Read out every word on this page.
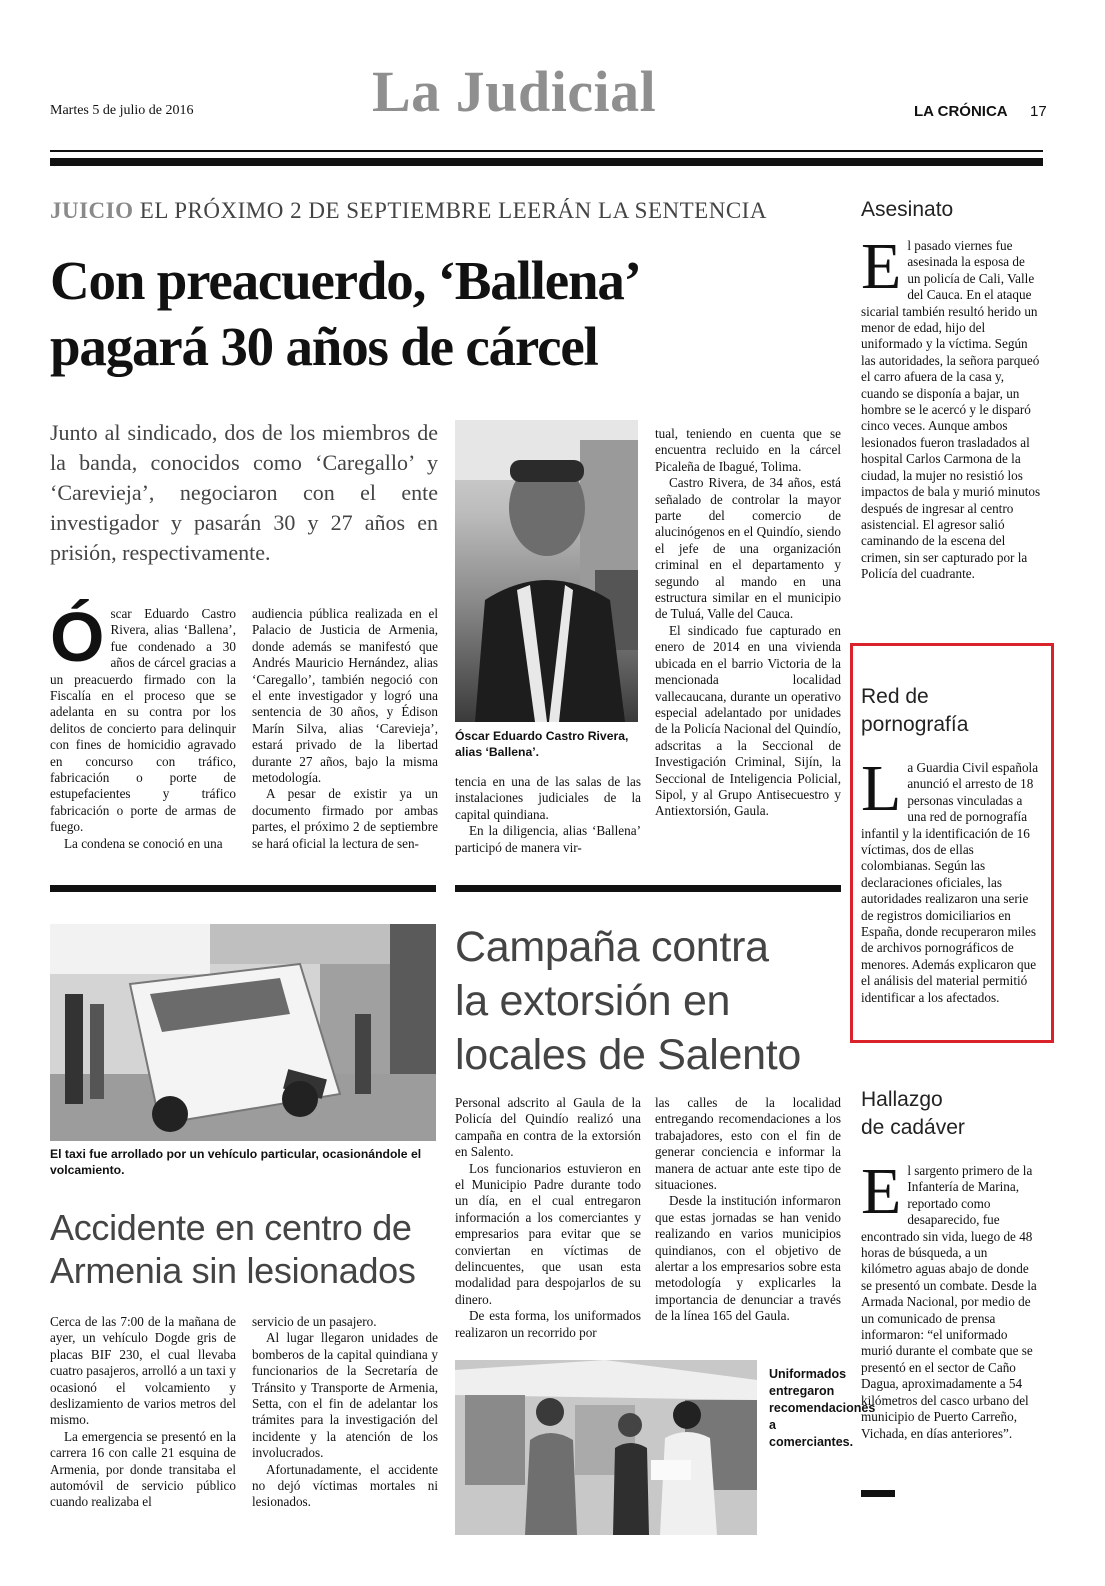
Martes 5 de julio de 2016	La Judicial	LA CRÓNICA 17
JUICIO EL PRÓXIMO 2 DE SEPTIEMBRE LEERÁN LA SENTENCIA
Con preacuerdo, ‘Ballena’
pagará 30 años de cárcel
Junto al sindicado, dos de los miembros de la banda, conocidos como ‘Caregallo’ y ‘Carevieja’, negociaron con el ente investigador y pasarán 30 y 27 años en prisión, respectivamente.
Ó scar Eduardo Castro Rivera, alias ‘Ballena’, fue condenado a 30 años de cárcel gracias a un preacuerdo firmado con la Fiscalía en el proceso que se adelanta en su contra por los delitos de concierto para delinquir con fines de homicidio agravado en concurso con tráfico, fabricación o porte de estupefacientes y tráfico fabricación o porte de armas de fuego.

La condena se conoció en una

audiencia pública realizada en el Palacio de Justicia de Armenia, donde además se manifestó que Andrés Mauricio Hernández, alias ‘Caregallo’, también negoció con el ente investigador y logró una sentencia de 30 años, y Édison Marín Silva, alias ‘Carevieja’, estará privado de la libertad durante 27 años, bajo la misma metodología.

A pesar de existir ya un documento firmado por ambas partes, el próximo 2 de septiembre se hará oficial la lectura de sen-

Óscar Eduardo Castro Rivera, alias ‘Ballena’.

tencia en una de las salas de las instalaciones judiciales de la capital quindiana.

En la diligencia, alias ‘Ballena’ participó de manera vir-

tual, teniendo en cuenta que se encuentra recluido en la cárcel Picaleña de Ibagué, Tolima.

Castro Rivera, de 34 años, está señalado de controlar la mayor parte del comercio de alucinógenos en el Quindío, siendo el jefe de una organización criminal en el departamento y segundo al mando en una estructura similar en el municipio de Tuluá, Valle del Cauca.

El sindicado fue capturado en enero de 2014 en una vivienda ubicada en el barrio Victoria de la mencionada localidad vallecaucana, durante un operativo especial adelantado por unidades de la Policía Nacional del Quindío, adscritas a la Seccional de Investigación Criminal, Sijín, la Seccional de Inteligencia Policial, Sipol, y al Grupo Antisecuestro y Antiextorsión, Gaula.

El taxi fue arrollado por un vehículo particular, ocasionándole el volcamiento.
Accidente en centro de
Armenia sin lesionados

Cerca de las 7:00 de la mañana de ayer, un vehículo Dogde gris de placas BIF 230, el cual llevaba cuatro pasajeros, arrolló a un taxi y ocasionó el volcamiento y deslizamiento de varios metros del mismo.

La emergencia se presentó en la carrera 16 con calle 21 esquina de Armenia, por donde transitaba el automóvil de servicio público cuando realizaba el

servicio de un pasajero.

Al lugar llegaron unidades de bomberos de la capital quindiana y funcionarios de la Secretaría de Tránsito y Transporte de Armenia, Setta, con el fin de adelantar los trámites para la investigación del incidente y la atención de los involucrados.

Afortunadamente, el accidente no dejó víctimas mortales ni lesionados.

Campaña contra
la extorsión en
locales de Salento

Personal adscrito al Gaula de la Policía del Quindío realizó una campaña en contra de la extorsión en Salento.

Los funcionarios estuvieron en el Municipio Padre durante todo un día, en el cual entregaron información a los comerciantes y empresarios para evitar que se conviertan en víctimas de delincuentes, que usan esta modalidad para despojarlos de su dinero.

De esta forma, los uniformados realizaron un recorrido por

las calles de la localidad entregando recomendaciones a los trabajadores, esto con el fin de generar conciencia e informar la manera de actuar ante este tipo de situaciones.

Desde la institución informaron que estas jornadas se han venido realizando en varios municipios quindianos, con el objetivo de alertar a los empresarios sobre esta metodología y explicarles la importancia de denunciar a través de la línea 165 del Gaula.

Uniformados entregaron recomendaciones a comerciantes.
Asesinato
E l pasado viernes fue asesinada la esposa de un policía de Cali, Valle del Cauca. En el ataque sicarial también resultó herido un menor de edad, hijo del uniformado y la víctima. Según las autoridades, la señora parqueó el carro afuera de la casa y, cuando se disponía a bajar, un hombre se le acercó y le disparó cinco veces. Aunque ambos lesionados fueron trasladados al hospital Carlos Carmona de la ciudad, la mujer no resistió los impactos de bala y murió minutos después de ingresar al centro asistencial. El agresor salió caminando de la escena del crimen, sin ser capturado por la Policía del cuadrante.

Red de
pornografía
L a Guardia Civil española anunció el arresto de 18 personas vinculadas a una red de pornografía infantil y la identificación de 16 víctimas, dos de ellas colombianas. Según las declaraciones oficiales, las autoridades realizaron una serie de registros domiciliarios en España, donde recuperaron miles de archivos pornográficos de menores. Además explicaron que el análisis del material permitió identificar a los afectados.

Hallazgo
de cadáver
E l sargento primero de la Infantería de Marina, reportado como desaparecido, fue encontrado sin vida, luego de 48 horas de búsqueda, a un kilómetro aguas abajo de donde se presentó un combate. Desde la Armada Nacional, por medio de un comunicado de prensa informaron: “el uniformado murió durante el combate que se presentó en el sector de Caño Dagua, aproximadamente a 54 kilómetros del casco urbano del municipio de Puerto Carreño, Vichada, en días anteriores”.
